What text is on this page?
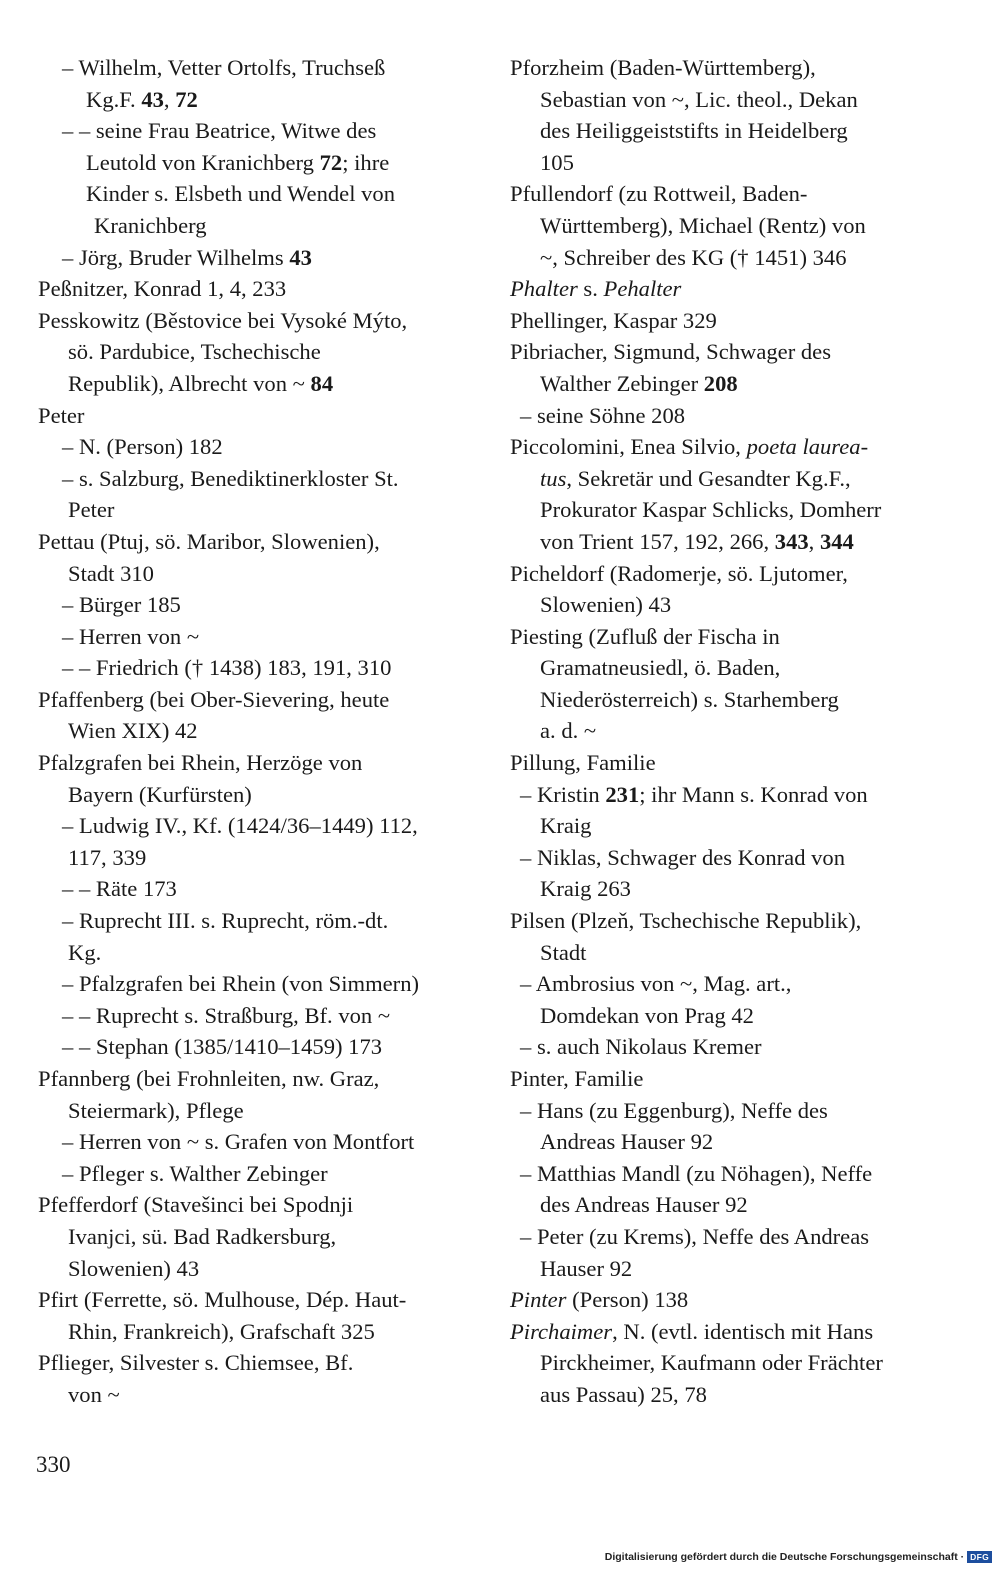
– Wilhelm, Vetter Ortolfs, Truchseß
Kg.F. 43, 72
– – seine Frau Beatrice, Witwe des
Leutold von Kranichberg 72; ihre
Kinder s. Elsbeth und Wendel von
Kranichberg
– Jörg, Bruder Wilhelms 43
Peßnitzer, Konrad 1, 4, 233
Pesskowitz (Běstovice bei Vysoké Mýto,
sö. Pardubice, Tschechische
Republik), Albrecht von ~ 84
Peter
– N. (Person) 182
– s. Salzburg, Benediktinerkloster St.
Peter
Pettau (Ptuj, sö. Maribor, Slowenien),
Stadt 310
– Bürger 185
– Herren von ~
– – Friedrich († 1438) 183, 191, 310
Pfaffenberg (bei Ober-Sievering, heute
Wien XIX) 42
Pfalzgrafen bei Rhein, Herzöge von
Bayern (Kurfürsten)
– Ludwig IV., Kf. (1424/36–1449) 112,
117, 339
– – Räte 173
– Ruprecht III. s. Ruprecht, röm.-dt.
Kg.
– Pfalzgrafen bei Rhein (von Simmern)
– – Ruprecht s. Straßburg, Bf. von ~
– – Stephan (1385/1410–1459) 173
Pfannberg (bei Frohnleiten, nw. Graz,
Steiermark), Pflege
– Herren von ~ s. Grafen von Montfort
– Pfleger s. Walther Zebinger
Pfefferdorf (Stavešinci bei Spodnji
Ivanjci, sü. Bad Radkersburg,
Slowenien) 43
Pfirt (Ferrette, sö. Mulhouse, Dép. Haut-
Rhin, Frankreich), Grafschaft 325
Pflieger, Silvester s. Chiemsee, Bf.
von ~
Pforzheim (Baden-Württemberg),
Sebastian von ~, Lic. theol., Dekan
des Heiliggeiststifts in Heidelberg
105
Pfullendorf (zu Rottweil, Baden-
Württemberg), Michael (Rentz) von
~, Schreiber des KG († 1451) 346
Phalter s. Pehalter
Phellinger, Kaspar 329
Pibriacher, Sigmund, Schwager des
Walther Zebinger 208
– seine Söhne 208
Piccolomini, Enea Silvio, poeta laurea-
tus, Sekretär und Gesandter Kg.F.,
Prokurator Kaspar Schlicks, Domherr
von Trient 157, 192, 266, 343, 344
Picheldorf (Radomerje, sö. Ljutomer,
Slowenien) 43
Piesting (Zufluß der Fischa in
Gramatneusiedl, ö. Baden,
Niederösterreich) s. Starhemberg
a. d. ~
Pillung, Familie
– Kristin 231; ihr Mann s. Konrad von
Kraig
– Niklas, Schwager des Konrad von
Kraig 263
Pilsen (Plzeň, Tschechische Republik),
Stadt
– Ambrosius von ~, Mag. art.,
Domdekan von Prag 42
– s. auch Nikolaus Kremer
Pinter, Familie
– Hans (zu Eggenburg), Neffe des
Andreas Hauser 92
– Matthias Mandl (zu Nöhagen), Neffe
des Andreas Hauser 92
– Peter (zu Krems), Neffe des Andreas
Hauser 92
Pinter (Person) 138
Pirchaimer, N. (evtl. identisch mit Hans
Pirckheimer, Kaufmann oder Frächter
aus Passau) 25, 78
330
Digitalisierung gefördert durch die Deutsche Forschungsgemeinschaft · DFG
